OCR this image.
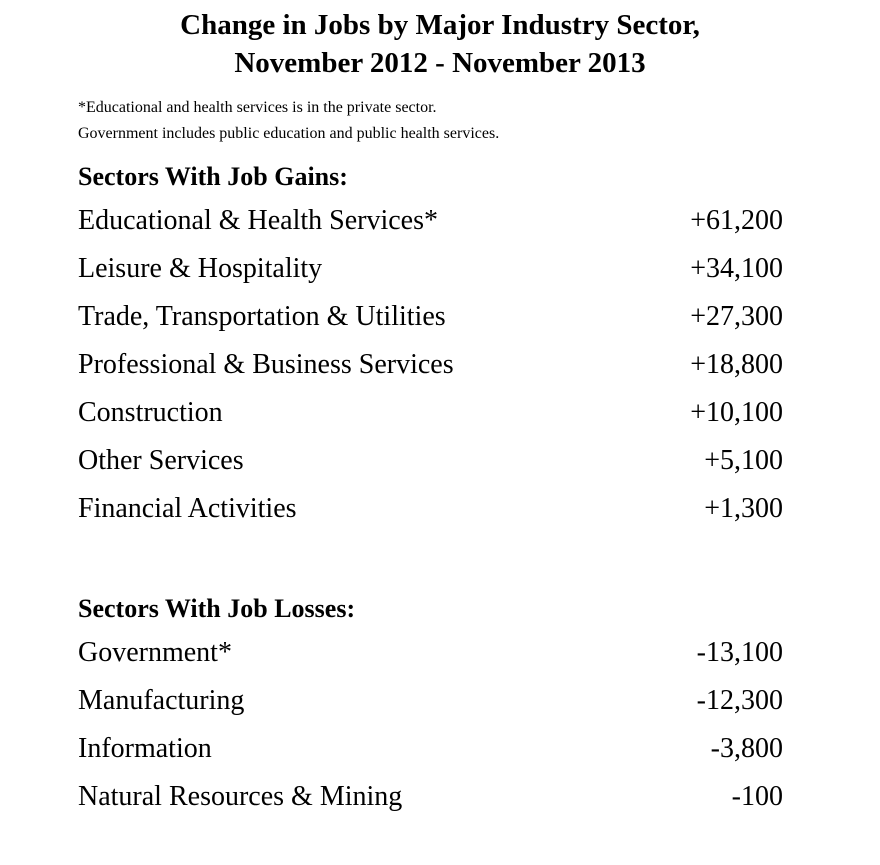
Change in Jobs by Major Industry Sector,
November 2012 - November 2013
*Educational and health services is in the private sector.
Government includes public education and public health services.
Sectors With Job Gains:
Educational & Health Services*	+61,200
Leisure & Hospitality	+34,100
Trade, Transportation & Utilities	+27,300
Professional & Business Services	+18,800
Construction	+10,100
Other Services	+5,100
Financial Activities	+1,300
Sectors With Job Losses:
Government*	-13,100
Manufacturing	-12,300
Information	-3,800
Natural Resources & Mining	-100
